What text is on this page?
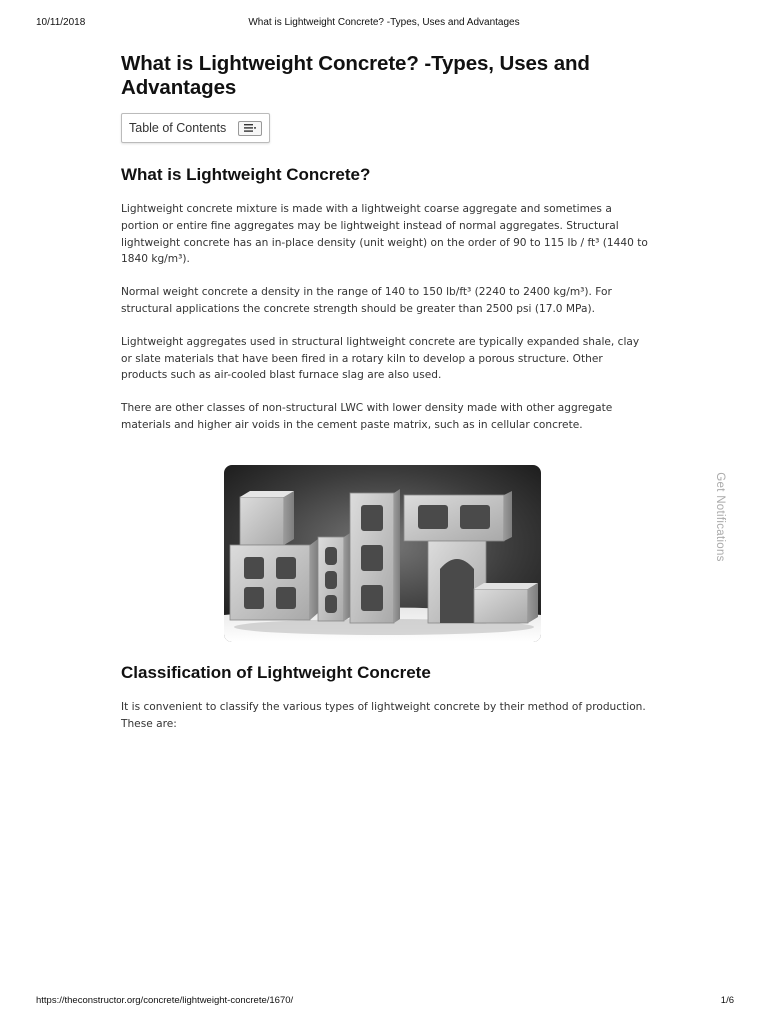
10/11/2018	What is Lightweight Concrete? -Types, Uses and Advantages
What is Lightweight Concrete? -Types, Uses and Advantages
Table of Contents
What is Lightweight Concrete?

Lightweight concrete mixture is made with a lightweight coarse aggregate and sometimes a portion or entire fine aggregates may be lightweight instead of normal aggregates. Structural lightweight concrete has an in-place density (unit weight) on the order of 90 to 115 lb / ft³ (1440 to 1840 kg/m³).

Normal weight concrete a density in the range of 140 to 150 lb/ft³ (2240 to 2400 kg/m³). For structural applications the concrete strength should be greater than 2500 psi (17.0 MPa).

Lightweight aggregates used in structural lightweight concrete are typically expanded shale, clay or slate materials that have been fired in a rotary kiln to develop a porous structure. Other products such as air-cooled blast furnace slag are also used.

There are other classes of non-structural LWC with lower density made with other aggregate materials and higher air voids in the cement paste matrix, such as in cellular concrete.

Classification of Lightweight Concrete

It is convenient to classify the various types of lightweight concrete by their method of production. These are:

Get Notifications
https://theconstructor.org/concrete/lightweight-concrete/1670/	1/6
